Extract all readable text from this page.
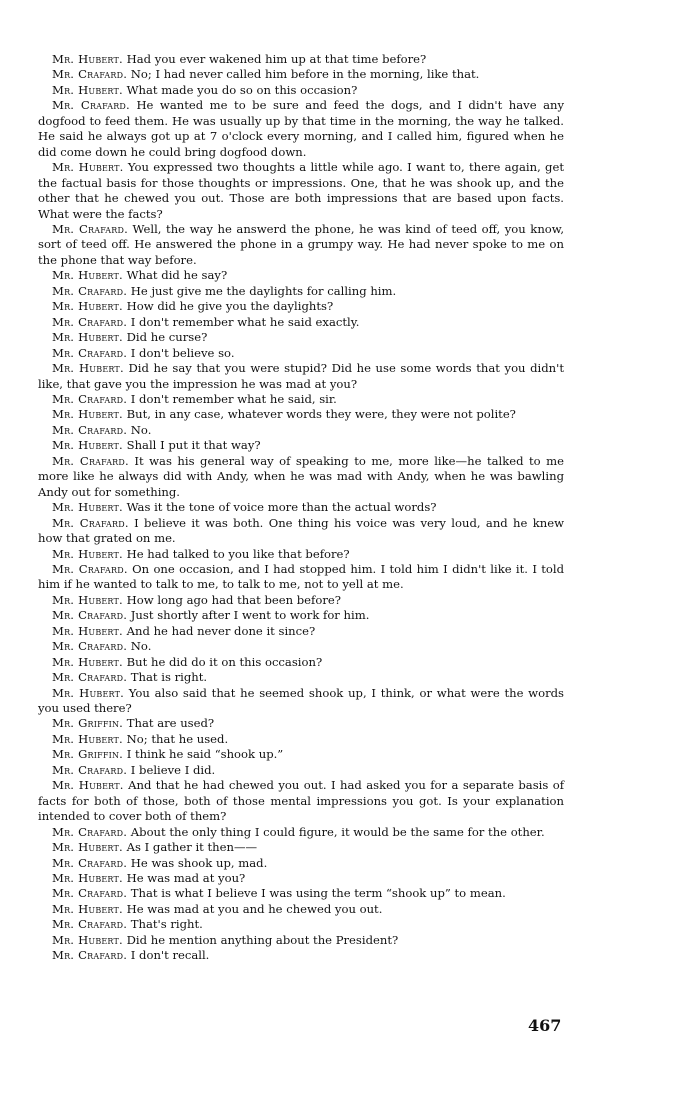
Mr. Hubert. Had you ever wakened him up at that time before?

Mr. Crafard. No; I had never called him before in the morning, like that.

Mr. Hubert. What made you do so on this occasion?

Mr. Crafard. He wanted me to be sure and feed the dogs, and I didn't have any dogfood to feed them. He was usually up by that time in the morning, the way he talked. He said he always got up at 7 o'clock every morning, and I called him, figured when he did come down he could bring dogfood down.

Mr. Hubert. You expressed two thoughts a little while ago. I want to, there again, get the factual basis for those thoughts or impressions. One, that he was shook up, and the other that he chewed you out. Those are both impressions that are based upon facts. What were the facts?

Mr. Crafard. Well, the way he answerd the phone, he was kind of teed off, you know, sort of teed off. He answered the phone in a grumpy way. He had never spoke to me on the phone that way before.

Mr. Hubert. What did he say?

Mr. Crafard. He just give me the daylights for calling him.

Mr. Hubert. How did he give you the daylights?

Mr. Crafard. I don't remember what he said exactly.

Mr. Hubert. Did he curse?

Mr. Crafard. I don't believe so.

Mr. Hubert. Did he say that you were stupid? Did he use some words that you didn't like, that gave you the impression he was mad at you?

Mr. Crafard. I don't remember what he said, sir.

Mr. Hubert. But, in any case, whatever words they were, they were not polite?

Mr. Crafard. No.

Mr. Hubert. Shall I put it that way?

Mr. Crafard. It was his general way of speaking to me, more like—he talked to me more like he always did with Andy, when he was mad with Andy, when he was bawling Andy out for something.

Mr. Hubert. Was it the tone of voice more than the actual words?

Mr. Crafard. I believe it was both. One thing his voice was very loud, and he knew how that grated on me.

Mr. Hubert. He had talked to you like that before?

Mr. Crafard. On one occasion, and I had stopped him. I told him I didn't like it. I told him if he wanted to talk to me, to talk to me, not to yell at me.

Mr. Hubert. How long ago had that been before?

Mr. Crafard. Just shortly after I went to work for him.

Mr. Hubert. And he had never done it since?

Mr. Crafard. No.

Mr. Hubert. But he did do it on this occasion?

Mr. Crafard. That is right.

Mr. Hubert. You also said that he seemed shook up, I think, or what were the words you used there?

Mr. Griffin. That are used?

Mr. Hubert. No; that he used.

Mr. Griffin. I think he said “shook up.”

Mr. Crafard. I believe I did.

Mr. Hubert. And that he had chewed you out. I had asked you for a separate basis of facts for both of those, both of those mental impressions you got. Is your explanation intended to cover both of them?

Mr. Crafard. About the only thing I could figure, it would be the same for the other.

Mr. Hubert. As I gather it then——

Mr. Crafard. He was shook up, mad.

Mr. Hubert. He was mad at you?

Mr. Crafard. That is what I believe I was using the term “shook up” to mean.

Mr. Hubert. He was mad at you and he chewed you out.

Mr. Crafard. That's right.

Mr. Hubert. Did he mention anything about the President?

Mr. Crafard. I don't recall.

467
